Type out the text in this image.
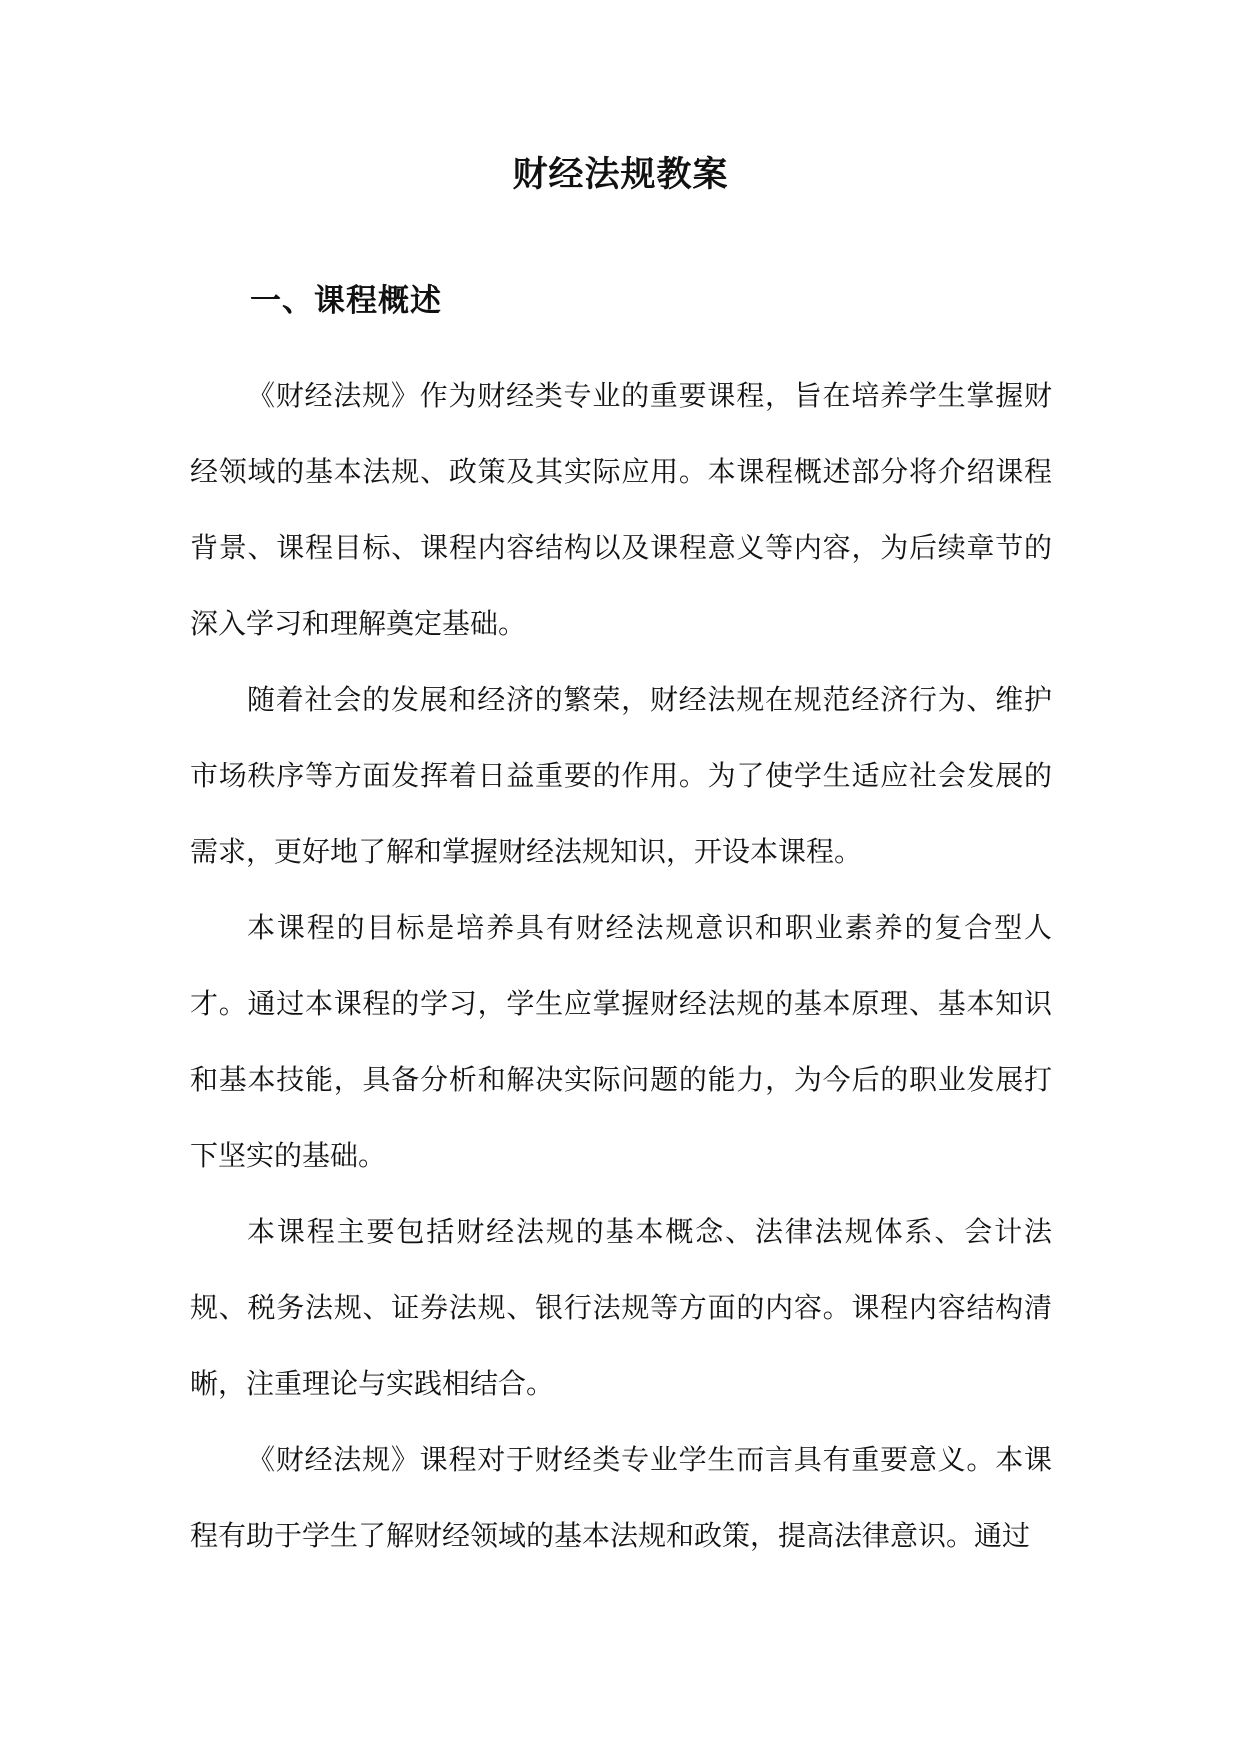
财经法规教案
一、课程概述

《财经法规》作为财经类专业的重要课程，旨在培养学生掌握财经领域的基本法规、政策及其实际应用。本课程概述部分将介绍课程背景、课程目标、课程内容结构以及课程意义等内容，为后续章节的深入学习和理解奠定基础。

随着社会的发展和经济的繁荣，财经法规在规范经济行为、维护市场秩序等方面发挥着日益重要的作用。为了使学生适应社会发展的需求，更好地了解和掌握财经法规知识，开设本课程。

本课程的目标是培养具有财经法规意识和职业素养的复合型人才。通过本课程的学习，学生应掌握财经法规的基本原理、基本知识和基本技能，具备分析和解决实际问题的能力，为今后的职业发展打下坚实的基础。

本课程主要包括财经法规的基本概念、法律法规体系、会计法规、税务法规、证券法规、银行法规等方面的内容。课程内容结构清晰，注重理论与实践相结合。

《财经法规》课程对于财经类专业学生而言具有重要意义。本课程有助于学生了解财经领域的基本法规和政策，提高法律意识。通过
